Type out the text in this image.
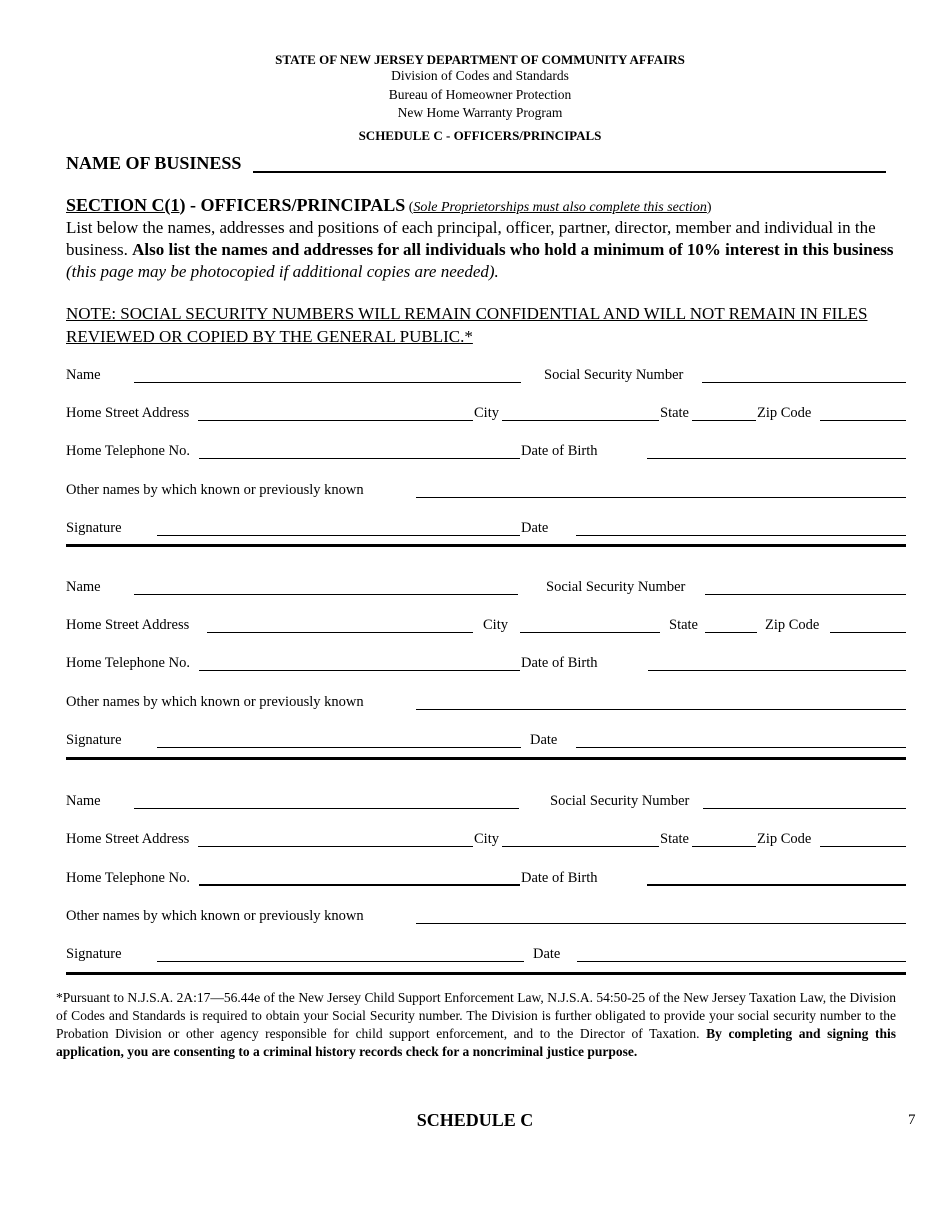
STATE OF NEW JERSEY DEPARTMENT OF COMMUNITY AFFAIRS
Division of Codes and Standards
Bureau of Homeowner Protection
New Home Warranty Program
SCHEDULE C - OFFICERS/PRINCIPALS
NAME OF BUSINESS
SECTION C(1) - OFFICERS/PRINCIPALS (Sole Proprietorships must also complete this section)
List below the names, addresses and positions of each principal, officer, partner, director, member and individual in the business. Also list the names and addresses for all individuals who hold a minimum of 10% interest in this business (this page may be photocopied if additional copies are needed).
NOTE: SOCIAL SECURITY NUMBERS WILL REMAIN CONFIDENTIAL AND WILL NOT REMAIN IN FILES REVIEWED OR COPIED BY THE GENERAL PUBLIC.*
Name	Social Security Number
Home Street Address	City	State	Zip Code
Home Telephone No.	Date of Birth
Other names by which known or previously known
Signature	Date
Name	Social Security Number
Home Street Address	City	State	Zip Code
Home Telephone No.	Date of Birth
Other names by which known or previously known
Signature	Date
Name	Social Security Number
Home Street Address	City	State	Zip Code
Home Telephone No.	Date of Birth
Other names by which known or previously known
Signature	Date
*Pursuant to N.J.S.A. 2A:17—56.44e of the New Jersey Child Support Enforcement Law, N.J.S.A. 54:50-25 of the New Jersey Taxation Law, the Division of Codes and Standards is required to obtain your Social Security number. The Division is further obligated to provide your social security number to the Probation Division or other agency responsible for child support enforcement, and to the Director of Taxation. By completing and signing this application, you are consenting to a criminal history records check for a noncriminal justice purpose.
SCHEDULE C	7
